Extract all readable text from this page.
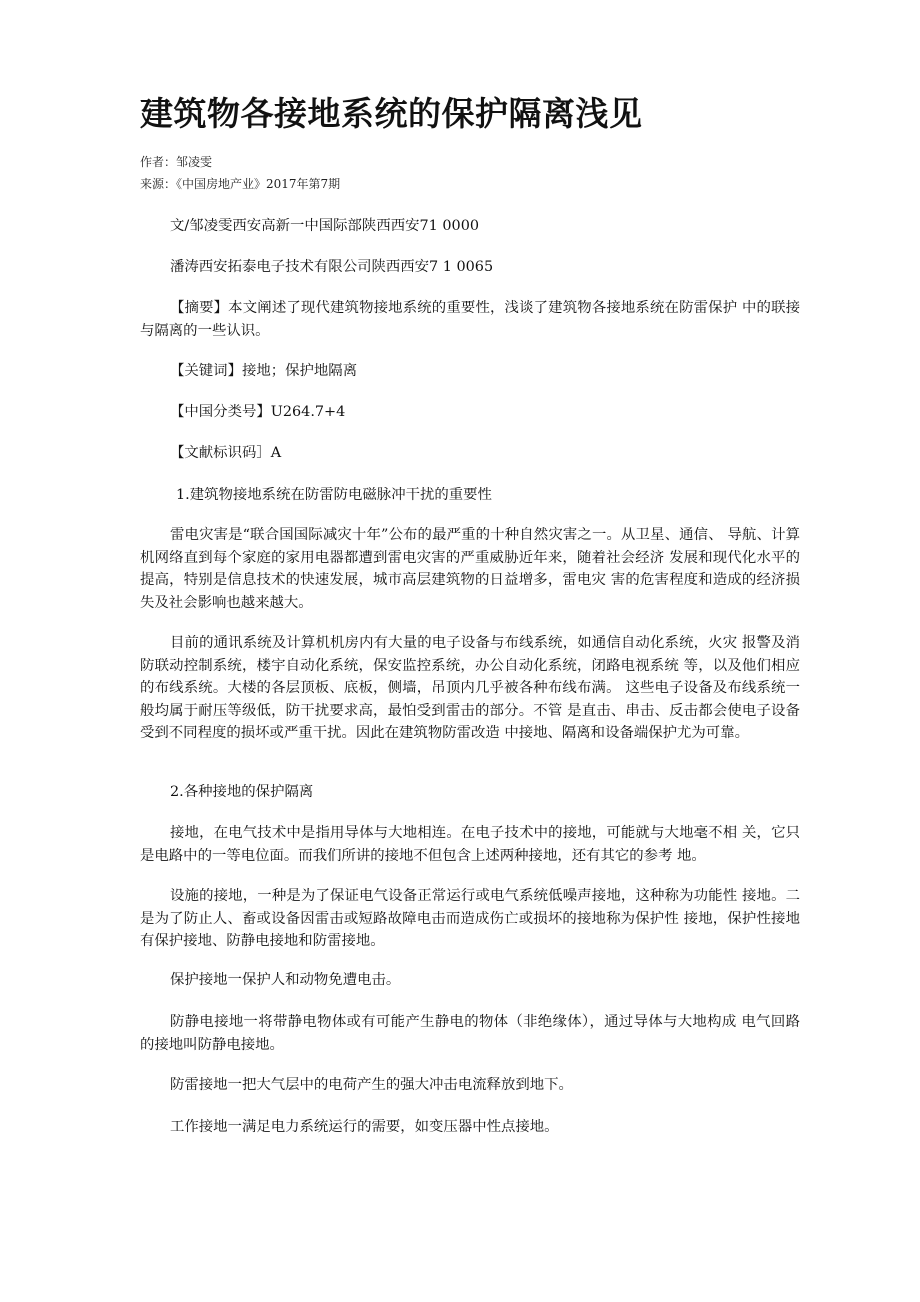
建筑物各接地系统的保护隔离浅见
作者：邹凌雯
来源：《中国房地产业》2017年第7期

文/邹凌雯西安高新一中国际部陕西西安71 0000

潘涛西安拓泰电子技术有限公司陕西西安7 1 0065

【摘要】本文阐述了现代建筑物接地系统的重要性，浅谈了建筑物各接地系统在防雷保护 中的联接与隔离的一些认识。

【关键词】接地；保护地隔离

【中国分类号】U264.7+4

【文献标识码］A

1.建筑物接地系统在防雷防电磁脉冲干扰的重要性

雷电灾害是“联合国国际减灾十年”公布的最严重的十种自然灾害之一。从卫星、通信、 导航、计算机网络直到每个家庭的家用电器都遭到雷电灾害的严重威胁近年来，随着社会经济 发展和现代化水平的提高，特别是信息技术的快速发展，城市高层建筑物的日益增多，雷电灾 害的危害程度和造成的经济损失及社会影响也越来越大。

目前的通讯系统及计算机机房内有大量的电子设备与布线系统，如通信自动化系统，火灾 报警及消防联动控制系统，楼宇自动化系统，保安监控系统，办公自动化系统，闭路电视系统 等，以及他们相应的布线系统。大楼的各层顶板、底板，侧墙，吊顶内几乎被各种布线布满。 这些电子设备及布线系统一般均属于耐压等级低，防干扰要求高，最怕受到雷击的部分。不管 是直击、串击、反击都会使电子设备受到不同程度的损坏或严重干扰。因此在建筑物防雷改造 中接地、隔离和设备端保护尤为可靠。

2.各种接地的保护隔离

接地，在电气技术中是指用导体与大地相连。在电子技术中的接地，可能就与大地毫不相 关，它只是电路中的一等电位面。而我们所讲的接地不但包含上述两种接地，还有其它的参考 地。

设施的接地，一种是为了保证电气设备正常运行或电气系统低噪声接地，这种称为功能性 接地。二是为了防止人、畜或设备因雷击或短路故障电击而造成伤亡或损坏的接地称为保护性 接地，保护性接地有保护接地、防静电接地和防雷接地。

保护接地一保护人和动物免遭电击。

防静电接地一将带静电物体或有可能产生静电的物体（非绝缘体），通过导体与大地构成 电气回路的接地叫防静电接地。

防雷接地一把大气层中的电荷产生的强大冲击电流释放到地下。

工作接地一满足电力系统运行的需要，如变压器中性点接地。
